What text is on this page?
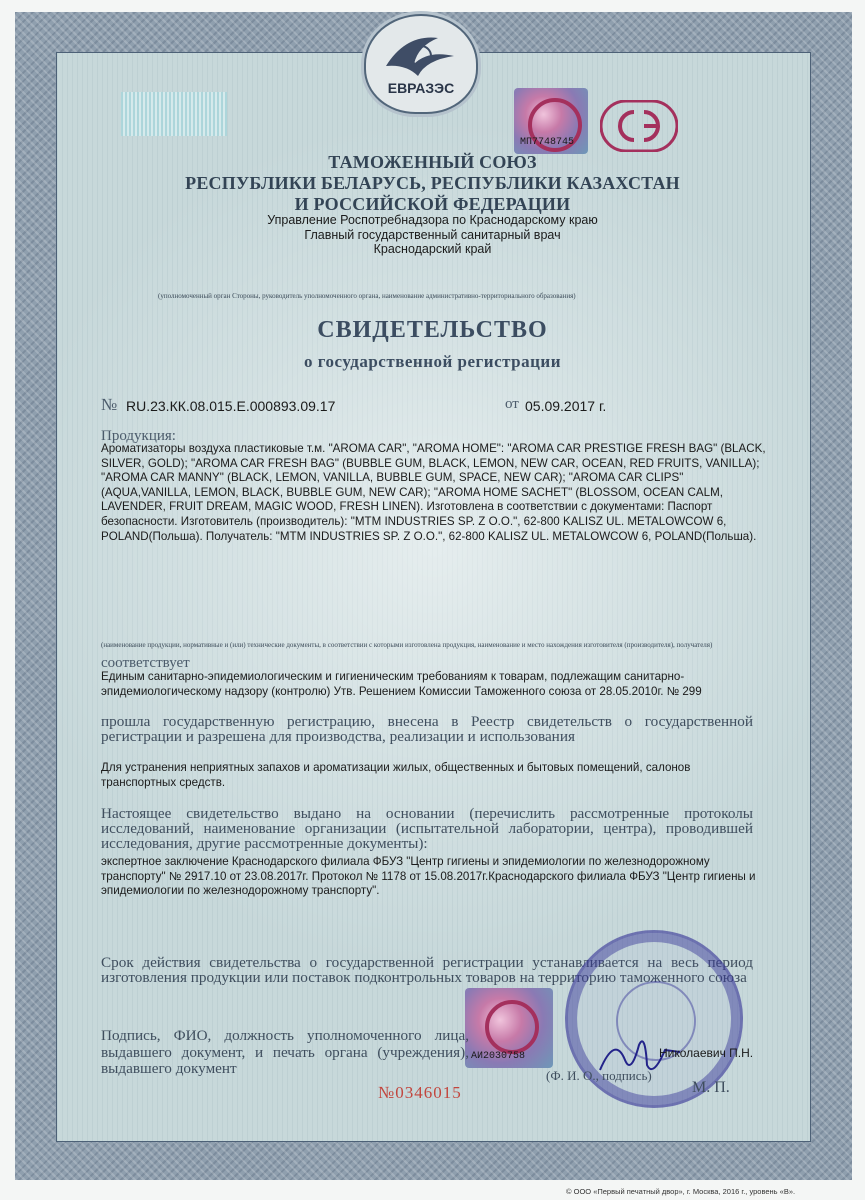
ЕВРАЗЭС
МП7748745
ТАМОЖЕННЫЙ СОЮЗ
РЕСПУБЛИКИ БЕЛАРУСЬ, РЕСПУБЛИКИ КАЗАХСТАН
И РОССИЙСКОЙ ФЕДЕРАЦИИ
Управление Роспотребнадзора по Краснодарскому краю
Главный государственный санитарный врач
Краснодарский край
(уполномоченный орган Стороны, руководитель уполномоченного органа, наименование административно-территориального образования)
СВИДЕТЕЛЬСТВО
о государственной регистрации
№ RU.23.КК.08.015.Е.000893.09.17	от 05.09.2017 г.
Продукция:
Ароматизаторы воздуха пластиковые т.м. "AROMA CAR", "AROMA HOME": "AROMA CAR PRESTIGE FRESH BAG" (BLACK, SILVER, GOLD); "AROMA CAR FRESH BAG" (BUBBLE GUM, BLACK, LEMON, NEW CAR, OCEAN, RED FRUITS, VANILLA); "AROMA CAR MANNY" (BLACK, LEMON, VANILLA, BUBBLE GUM, SPACE, NEW CAR); "AROMA CAR CLIPS" (AQUA,VANILLA, LEMON, BLACK, BUBBLE GUM, NEW CAR); "AROMA HOME SACHET" (BLOSSOM, OCEAN CALM, LAVENDER, FRUIT DREAM, MAGIC WOOD, FRESH LINEN). Изготовлена в соответствии с документами: Паспорт безопасности. Изготовитель (производитель): "MTM INDUSTRIES SP. Z O.O.", 62-800 KALISZ UL. METALOWCOW 6, POLAND(Польша). Получатель: "MTM INDUSTRIES SP. Z O.O.", 62-800 KALISZ UL. METALOWCOW 6, POLAND(Польша).
(наименование продукции, нормативные и (или) технические документы, в соответствии с которыми изготовлена продукция, наименование и место нахождения изготовителя (производителя), получателя)
соответствует
Единым санитарно-эпидемиологическим и гигиеническим требованиям к товарам, подлежащим санитарно-эпидемиологическому надзору (контролю) Утв. Решением Комиссии Таможенного союза от 28.05.2010г. № 299
прошла государственную регистрацию, внесена в Реестр свидетельств о государственной регистрации и разрешена для производства, реализации и использования
Для устранения неприятных запахов и ароматизации жилых, общественных и бытовых помещений, салонов транспортных средств.
Настоящее свидетельство выдано на основании (перечислить рассмотренные протоколы исследований, наименование организации (испытательной лаборатории, центра), проводившей исследования, другие рассмотренные документы):
экспертное заключение Краснодарского филиала ФБУЗ "Центр гигиены и эпидемиологии по железнодорожному транспорту" № 2917.10 от 23.08.2017г. Протокол № 1178 от 15.08.2017г.Краснодарского филиала ФБУЗ "Центр гигиены и эпидемиологии по железнодорожному транспорту".
Срок действия свидетельства о государственной регистрации устанавливается на весь период изготовления продукции или поставок подконтрольных товаров на территорию таможенного союза
АИ2030758
Подпись, ФИО, должность уполномоченного лица, выдавшего документ, и печать органа (учреждения), выдавшего документ
Николаевич П.Н.
(Ф. И. О., подпись)
М. П.
№0346015
© ООО «Первый печатный двор», г. Москва, 2016 г., уровень «В».
